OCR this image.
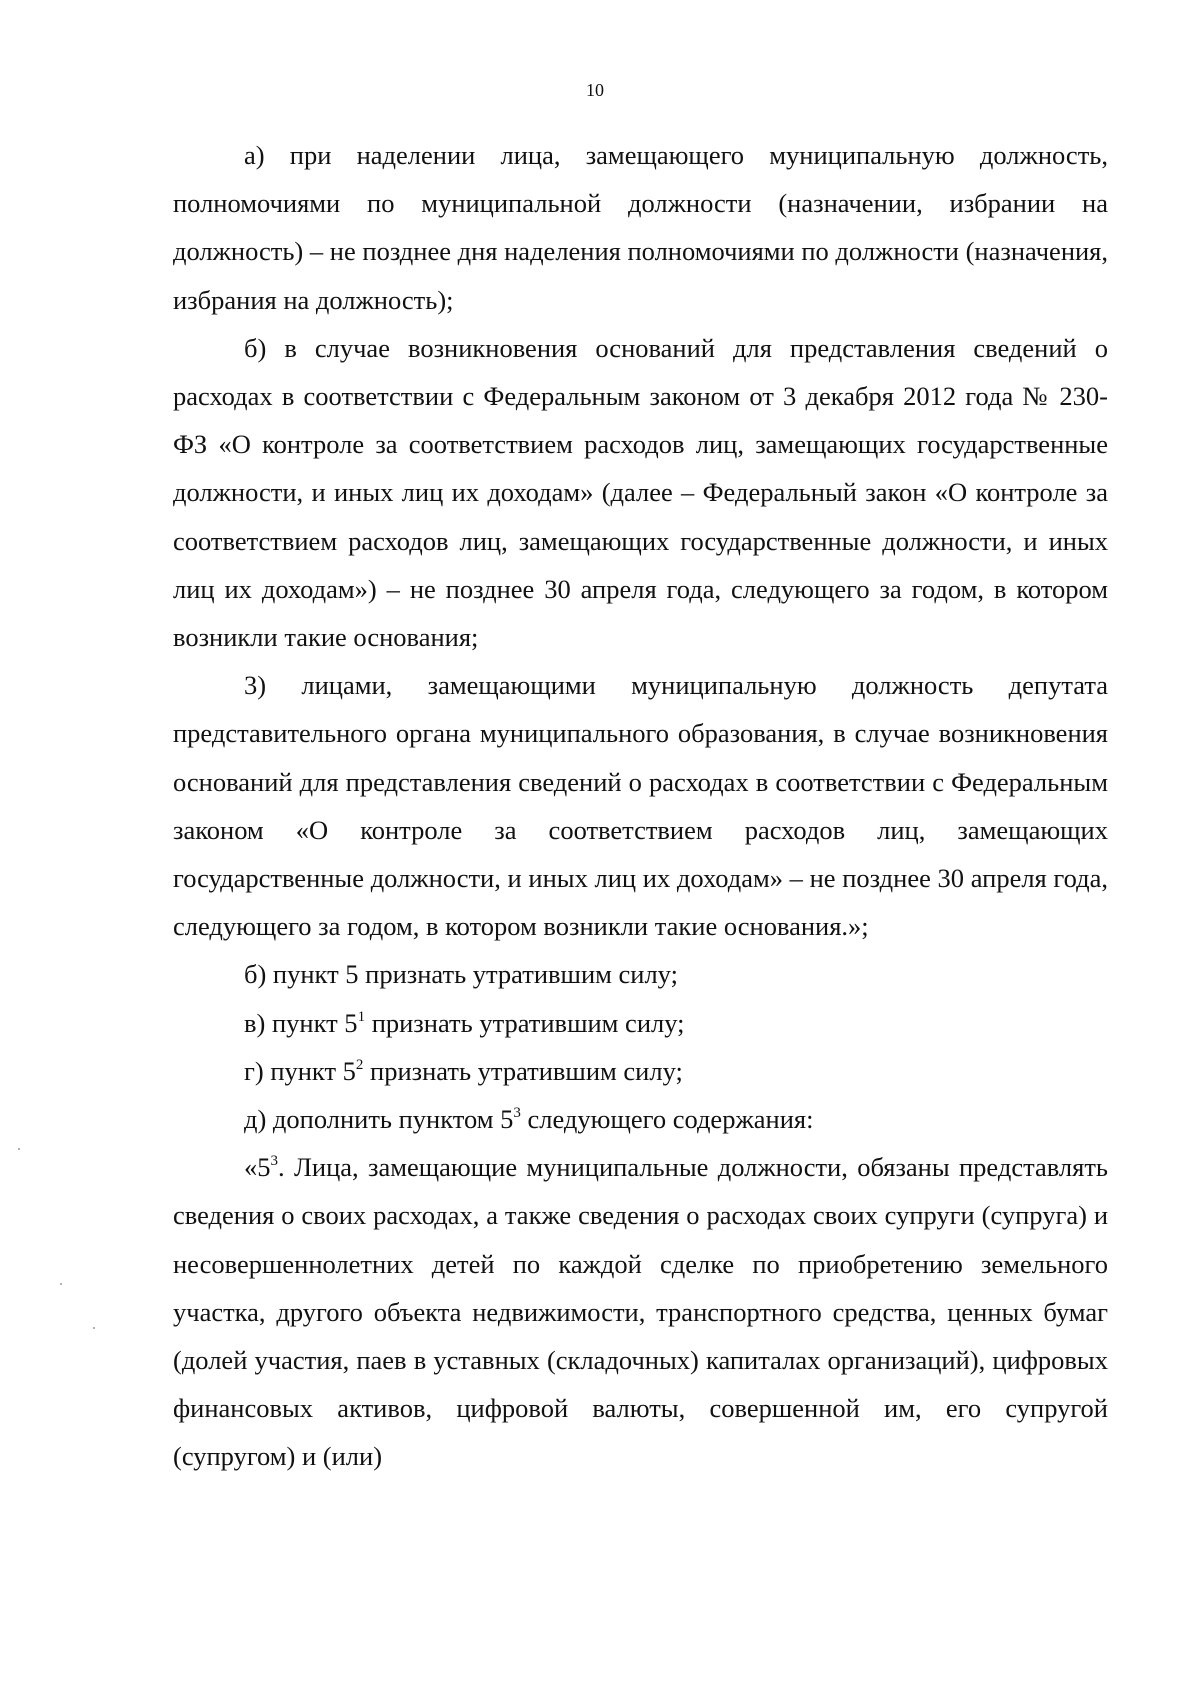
10

а) при наделении лица, замещающего муниципальную должность, полномочиями по муниципальной должности (назначении, избрании на должность) – не позднее дня наделения полномочиями по должности (назначения, избрания на должность);

б) в случае возникновения оснований для представления сведений о расходах в соответствии с Федеральным законом от 3 декабря 2012 года № 230-ФЗ «О контроле за соответствием расходов лиц, замещающих государственные должности, и иных лиц их доходам» (далее – Федеральный закон «О контроле за соответствием расходов лиц, замещающих государственные должности, и иных лиц их доходам») – не позднее 30 апреля года, следующего за годом, в котором возникли такие основания;

3) лицами, замещающими муниципальную должность депутата представительного органа муниципального образования, в случае возникновения оснований для представления сведений о расходах в соответствии с Федеральным законом «О контроле за соответствием расходов лиц, замещающих государственные должности, и иных лиц их доходам» – не позднее 30 апреля года, следующего за годом, в котором возникли такие основания.»;

б) пункт 5 признать утратившим силу;

в) пункт $5^1$ признать утратившим силу;

г) пункт $5^2$ признать утратившим силу;

д) дополнить пунктом $5^3$ следующего содержания:

«$5^3$. Лица, замещающие муниципальные должности, обязаны представлять сведения о своих расходах, а также сведения о расходах своих супруги (супруга) и несовершеннолетних детей по каждой сделке по приобретению земельного участка, другого объекта недвижимости, транспортного средства, ценных бумаг (долей участия, паев в уставных (складочных) капиталах организаций), цифровых финансовых активов, цифровой валюты, совершенной им, его супругой (супругом) и (или)
